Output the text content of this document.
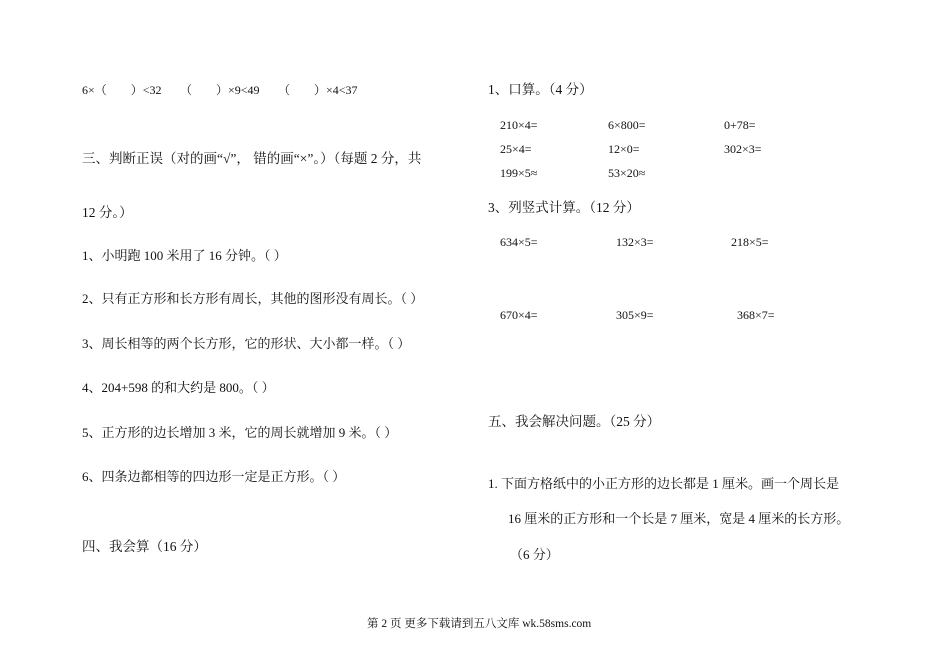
6×（　　）<32 （　　）×9<49 （　　）×4<37
三、判断正误（对的画“√”， 错的画“×”。）（每题 2 分，共
12 分。）
1、小明跑 100 米用了 16 分钟。（ ）
2、只有正方形和长方形有周长，其他的图形没有周长。（ ）
3、周长相等的两个长方形，它的形状、大小都一样。（ ）
4、204+598 的和大约是 800。（ ）
5、正方形的边长增加 3 米，它的周长就增加 9 米。（ ）
6、四条边都相等的四边形一定是正方形。（ ）
四、我会算（16 分）
1、口算。（4 分）
210×4=	6×800=	0+78=
25×4=	12×0=	302×3=
199×5≈	53×20≈
3、列竖式计算。（12 分）
634×5=	132×3=	218×5=
670×4=	305×9=	368×7=
五、我会解决问题。（25 分）
1. 下面方格纸中的小正方形的边长都是 1 厘米。画一个周长是
16 厘米的正方形和一个长是 7 厘米，宽是 4 厘米的长方形。
（6 分）
第 2 页 更多下载请到五八文库 wk.58sms.com
